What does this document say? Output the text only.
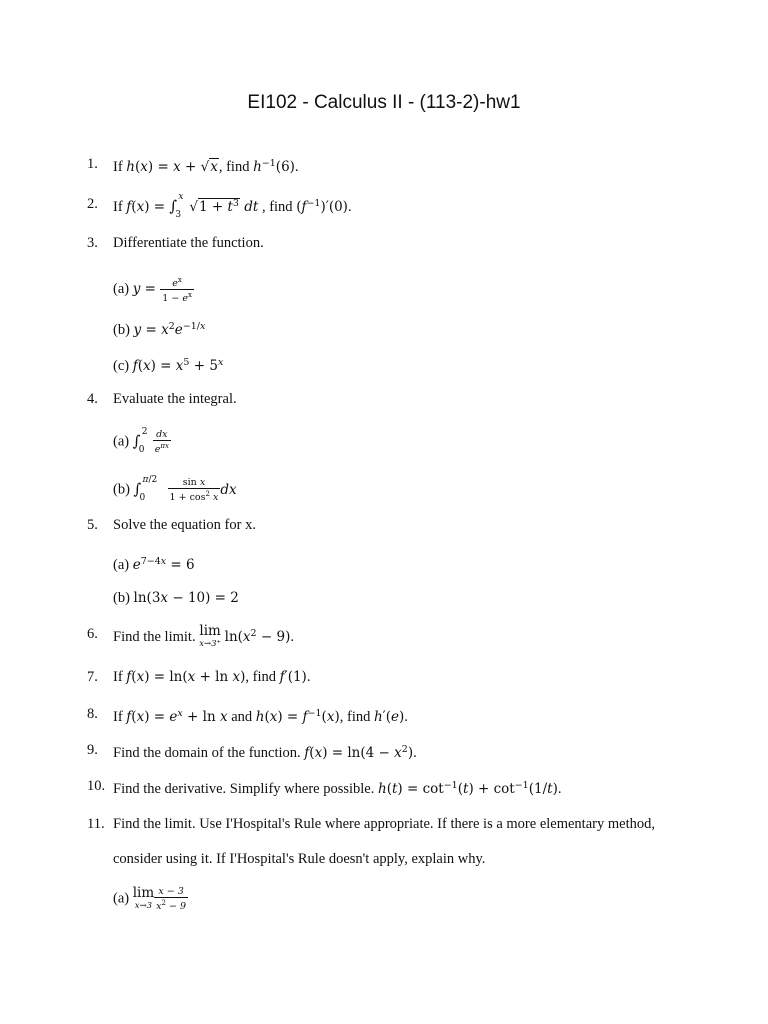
EI102 - Calculus II - (113-2)-hw1
1. If h(x) = x + √x, find $h^{-1}(6)$.
2. If f(x) = ∫ x
3 $√1 + t^3$ dt , find $(f^{-1})'(0)$.
3. Differentiate the function.
(a) $y = \frac{e^x}{1 - e^x}$
(b) $y = x^2e^{-1/x}$
(c) $f(x) = x^5 + 5^x$
4. Evaluate the integral.
(a) ∫ 2
$0 \frac{dx}{e^{\pi x}}$
(b) ∫ π/2
$0 \frac{\text{sin x}}{1 + \cos^2 x}$ dx
5. Solve the equation for x.
(a) $e^{7-4x} = 6$
(b) ln(3x − 10) = 2
6. Find the limit. lim
x→3⁺ $\ln(x^2 - 9)$.
7. If f(x) = ln(x + ln x), find f′(1).
8. If $f(x) = e^x + \ln x$ and $h(x) = f^{-1}(x)$, find h′(e).
9. Find the domain of the function. $f(x) = \ln(4 - x^2)$.
10. Find the derivative. Simplify where possible. $h(t) = \cot^{-1}(t) + \cot^{-1}(1/t)$.
11. Find the limit. Use I'Hospital's Rule where appropriate. If there is a more elementary method,
consider using it. If I'Hospital's Rule doesn't apply, explain why.
(a) lim
$x\to 3 \frac{x - 3}{x^2 - 9}$
